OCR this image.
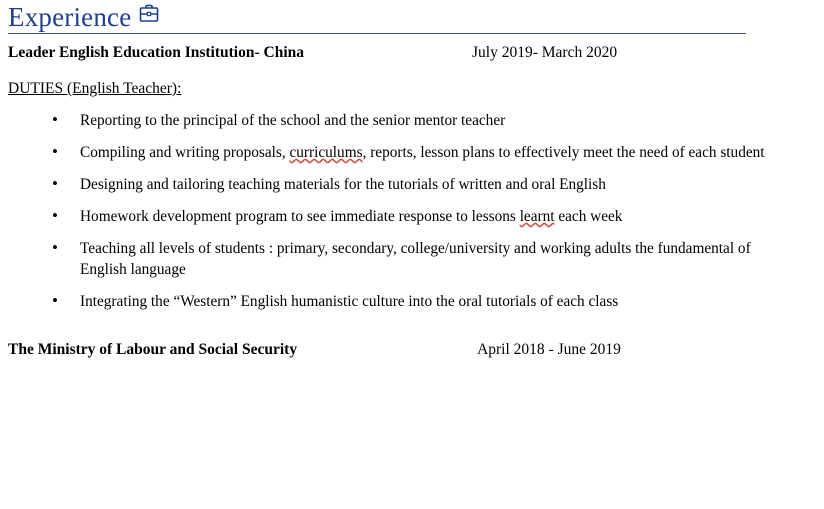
Experience
Leader English Education Institution- China	July 2019- March 2020
DUTIES (English Teacher):
• Reporting to the principal of the school and the senior mentor teacher
• Compiling and writing proposals, curriculums, reports, lesson plans to effectively meet the need of each student
• Designing and tailoring teaching materials for the tutorials of written and oral English
• Homework development program to see immediate response to lessons learnt each week
• Teaching all levels of students : primary, secondary, college/university and working adults the fundamental of English language
• Integrating the “Western” English humanistic culture into the oral tutorials of each class
The Ministry of Labour and Social Security	April 2018 - June 2019
